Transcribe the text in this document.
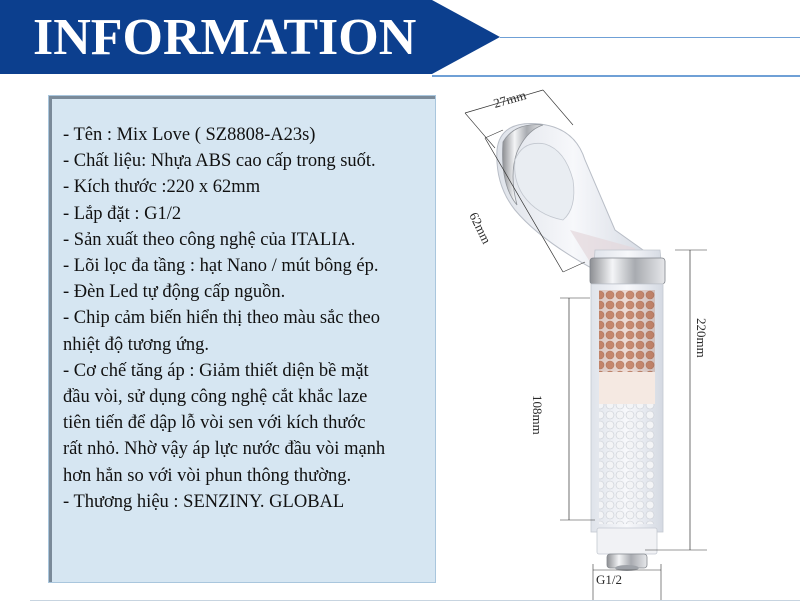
INFORMATION
- Tên : Mix Love ( SZ8808-A23s)
- Chất liệu: Nhựa ABS cao cấp trong suốt.
- Kích thước :220 x 62mm
- Lắp đặt : G1/2
- Sản xuất theo công nghệ của ITALIA.
- Lõi lọc đa tầng : hạt Nano / mút bông ép.
- Đèn Led tự động cấp nguồn.
- Chip cảm biến hiển thị theo màu sắc theo
nhiệt độ tương ứng.
- Cơ chế tăng áp : Giảm thiết diện bề mặt
đầu vòi, sử dụng công nghệ cắt khắc laze
tiên tiến để dập lỗ vòi sen với kích thước
rất nhỏ. Nhờ vậy áp lực nước đầu vòi mạnh
hơn hẳn so với vòi phun thông thường.
- Thương hiệu : SENZINY. GLOBAL
27mm
62mm
220mm
108mm
G1/2
